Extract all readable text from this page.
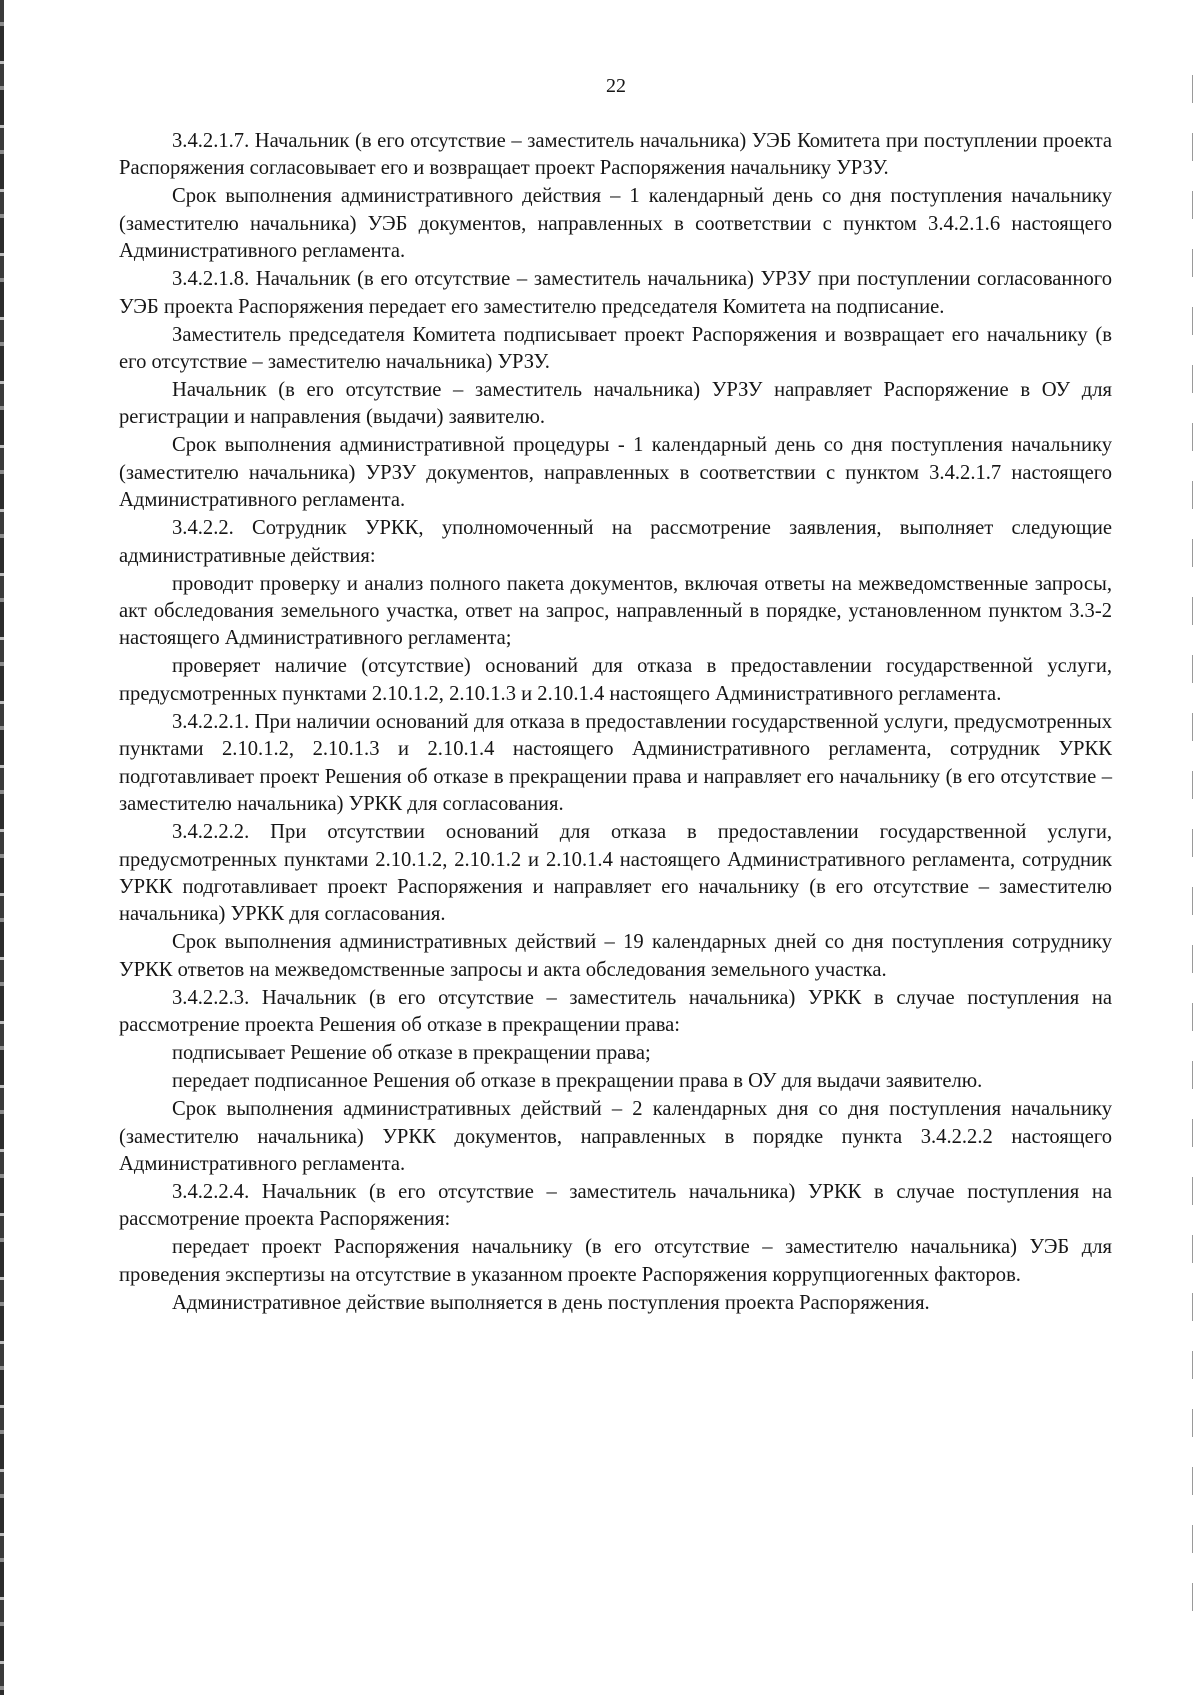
22

3.4.2.1.7. Начальник (в его отсутствие – заместитель начальника) УЭБ Комитета при поступлении проекта Распоряжения согласовывает его и возвращает проект Распоряжения начальнику УРЗУ.

Срок выполнения административного действия – 1 календарный день со дня поступления начальнику (заместителю начальника) УЭБ документов, направленных в соответствии с пунктом 3.4.2.1.6 настоящего Административного регламента.

3.4.2.1.8. Начальник (в его отсутствие – заместитель начальника) УРЗУ при поступлении согласованного УЭБ проекта Распоряжения передает его заместителю председателя Комитета на подписание.

Заместитель председателя Комитета подписывает проект Распоряжения и возвращает его начальнику (в его отсутствие – заместителю начальника) УРЗУ.

Начальник (в его отсутствие – заместитель начальника) УРЗУ направляет Распоряжение в ОУ для регистрации и направления (выдачи) заявителю.

Срок выполнения административной процедуры - 1 календарный день со дня поступления начальнику (заместителю начальника) УРЗУ документов, направленных в соответствии с пунктом 3.4.2.1.7 настоящего Административного регламента.

3.4.2.2. Сотрудник УРКК, уполномоченный на рассмотрение заявления, выполняет следующие административные действия:

проводит проверку и анализ полного пакета документов, включая ответы на межведомственные запросы, акт обследования земельного участка, ответ на запрос, направленный в порядке, установленном пунктом 3.3-2 настоящего Административного регламента;

проверяет наличие (отсутствие) оснований для отказа в предоставлении государственной услуги, предусмотренных пунктами 2.10.1.2, 2.10.1.3 и 2.10.1.4 настоящего Административного регламента.

3.4.2.2.1. При наличии оснований для отказа в предоставлении государственной услуги, предусмотренных пунктами 2.10.1.2, 2.10.1.3 и 2.10.1.4 настоящего Административного регламента, сотрудник УРКК подготавливает проект Решения об отказе в прекращении права и направляет его начальнику (в его отсутствие – заместителю начальника) УРКК для согласования.

3.4.2.2.2. При отсутствии оснований для отказа в предоставлении государственной услуги, предусмотренных пунктами 2.10.1.2, 2.10.1.2 и 2.10.1.4 настоящего Административного регламента, сотрудник УРКК подготавливает проект Распоряжения и направляет его начальнику (в его отсутствие – заместителю начальника) УРКК для согласования.

Срок выполнения административных действий – 19 календарных дней со дня поступления сотруднику УРКК ответов на межведомственные запросы и акта обследования земельного участка.

3.4.2.2.3. Начальник (в его отсутствие – заместитель начальника) УРКК в случае поступления на рассмотрение проекта Решения об отказе в прекращении права:

подписывает Решение об отказе в прекращении права;

передает подписанное Решения об отказе в прекращении права в ОУ для выдачи заявителю.

Срок выполнения административных действий – 2 календарных дня со дня поступления начальнику (заместителю начальника) УРКК документов, направленных в порядке пункта 3.4.2.2.2 настоящего Административного регламента.

3.4.2.2.4. Начальник (в его отсутствие – заместитель начальника) УРКК в случае поступления на рассмотрение проекта Распоряжения:

передает проект Распоряжения начальнику (в его отсутствие – заместителю начальника) УЭБ для проведения экспертизы на отсутствие в указанном проекте Распоряжения коррупциогенных факторов.

Административное действие выполняется в день поступления проекта Распоряжения.
